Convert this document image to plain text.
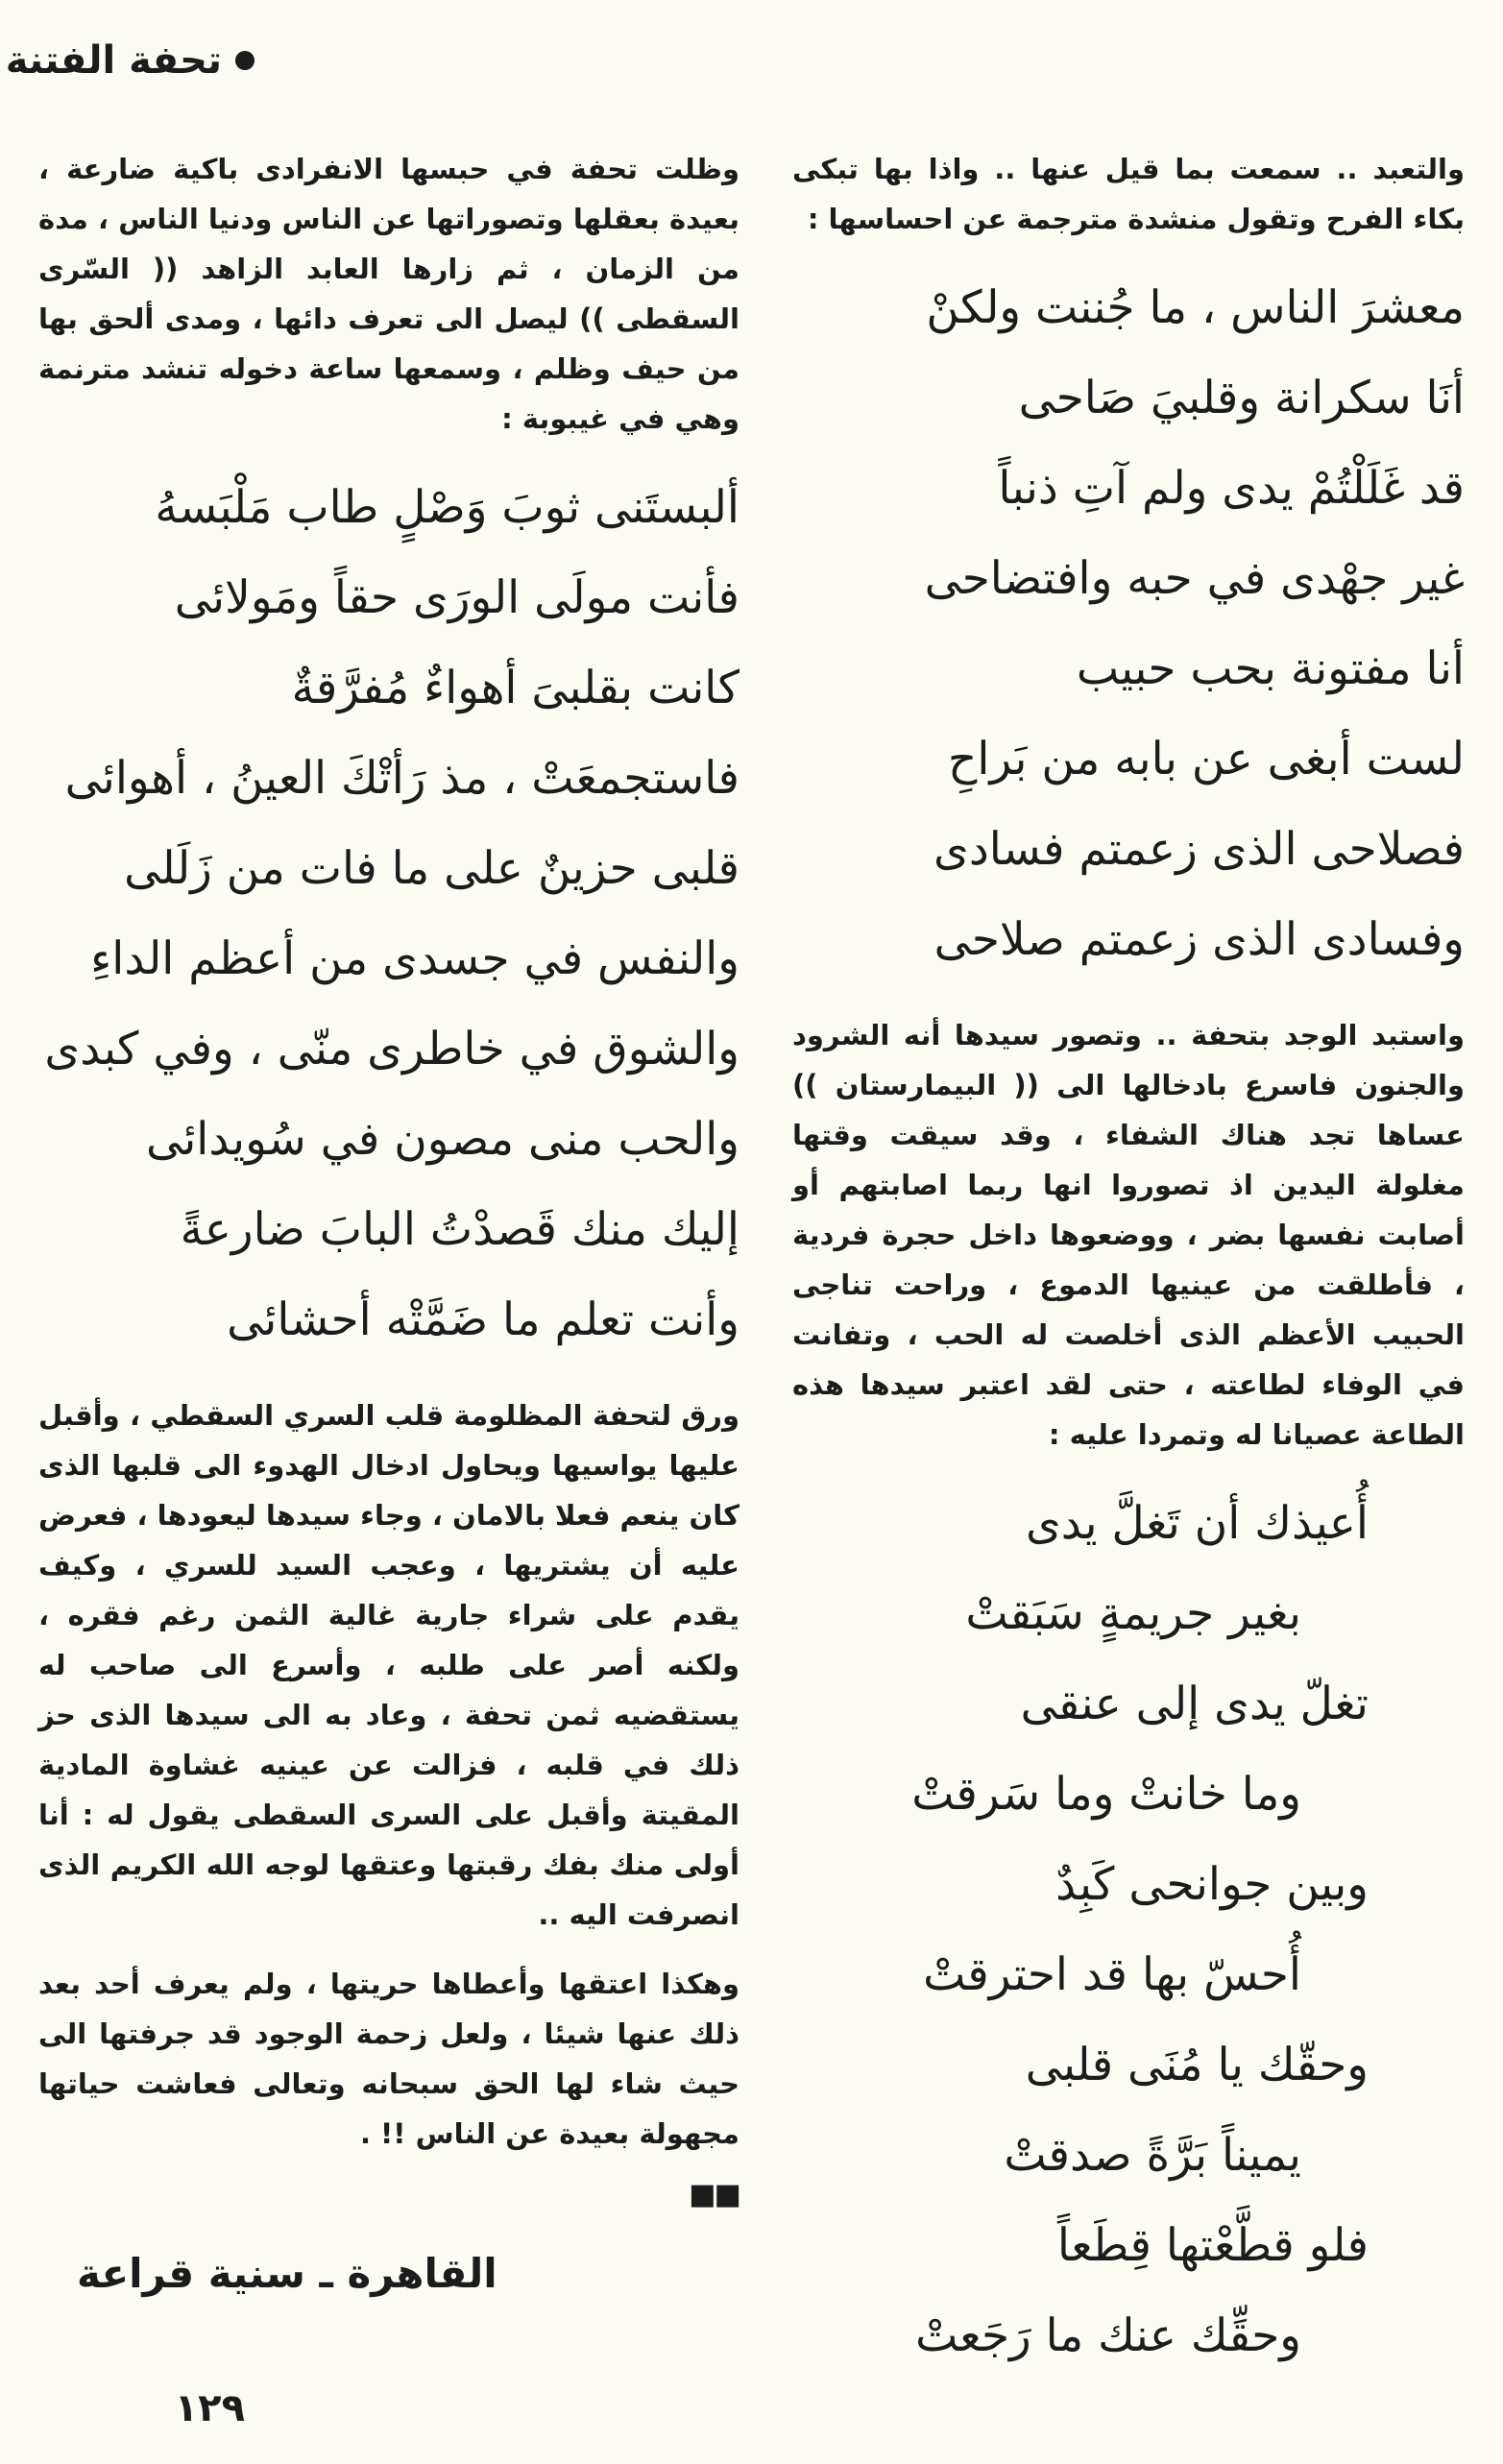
تحفة الفتنة

والتعبد .. سمعت بما قيل عنها .. واذا بها تبكى بكاء الفرح وتقول منشدة مترجمة عن احساسها :

معشرَ الناس ، ما جُننت ولكنْ
أنَا سكرانة وقلبيَ صَاحى
قد غَلَلْتُمْ يدى ولم آتِ ذنباً
غير جهْدى في حبه وافتضاحى
أنا مفتونة بحب حبيب
لست أبغى عن بابه من بَراحِ
فصلاحى الذى زعمتم فسادى
وفسادى الذى زعمتم صلاحى

واستبد الوجد بتحفة .. وتصور سيدها أنه الشرود والجنون فاسرع بادخالها الى (( البيمارستان )) عساها تجد هناك الشفاء ، وقد سيقت وقتها مغلولة اليدين اذ تصوروا انها ربما اصابتهم أو أصابت نفسها بضر ، ووضعوها داخل حجرة فردية ، فأطلقت من عينيها الدموع ، وراحت تناجى الحبيب الأعظم الذى أخلصت له الحب ، وتفانت في الوفاء لطاعته ، حتى لقد اعتبر سيدها هذه الطاعة عصيانا له وتمردا عليه :

أُعيذك أن تَغلَّ يدى
بغير جريمةٍ سَبَقتْ
تغلّ يدى إلى عنقى
وما خانتْ وما سَرقتْ
وبين جوانحى كَبِدٌ
أُحسّ بها قد احترقتْ
وحقّك يا مُنَى قلبى
يميناً بَرَّةً صدقتْ
فلو قطَّعْتها قِطَعاً
وحقِّك عنك ما رَجَعتْ

وظلت تحفة في حبسها الانفرادى باكية ضارعة ، بعيدة بعقلها وتصوراتها عن الناس ودنيا الناس ، مدة من الزمان ، ثم زارها العابد الزاهد (( السّرى السقطى )) ليصل الى تعرف دائها ، ومدى ألحق بها من حيف وظلم ، وسمعها ساعة دخوله تنشد مترنمة وهي في غيبوبة :

ألبستَنى ثوبَ وَصْلٍ طاب مَلْبَسهُ
فأنت مولَى الورَى حقاً ومَولائى
كانت بقلبىَ أهواءٌ مُفرَّقةٌ
فاستجمعَتْ ، مذ رَأتْكَ العينُ ، أهوائى
قلبى حزينٌ على ما فات من زَلَلى
والنفس في جسدى من أعظم الداءِ
والشوق في خاطرى منّى ، وفي كبدى
والحب منى مصون في سُويدائى
إليك منك قَصدْتُ البابَ ضارعةً
وأنت تعلم ما ضَمَّتْه أحشائى

ورق لتحفة المظلومة قلب السري السقطي ، وأقبل عليها يواسيها ويحاول ادخال الهدوء الى قلبها الذى كان ينعم فعلا بالامان ، وجاء سيدها ليعودها ، فعرض عليه أن يشتريها ، وعجب السيد للسري ، وكيف يقدم على شراء جارية غالية الثمن رغم فقره ، ولكنه أصر على طلبه ، وأسرع الى صاحب له يستقضيه ثمن تحفة ، وعاد به الى سيدها الذى حز ذلك في قلبه ، فزالت عن عينيه غشاوة المادية المقيتة وأقبل على السرى السقطى يقول له : أنا أولى منك بفك رقبتها وعتقها لوجه الله الكريم الذى انصرفت اليه ..

وهكذا اعتقها وأعطاها حريتها ، ولم يعرف أحد بعد ذلك عنها شيئا ، ولعل زحمة الوجود قد جرفتها الى حيث شاء لها الحق سبحانه وتعالى فعاشت حياتها مجهولة بعيدة عن الناس !! .

■■
القاهرة ـ سنية قراعة
١٢٩
